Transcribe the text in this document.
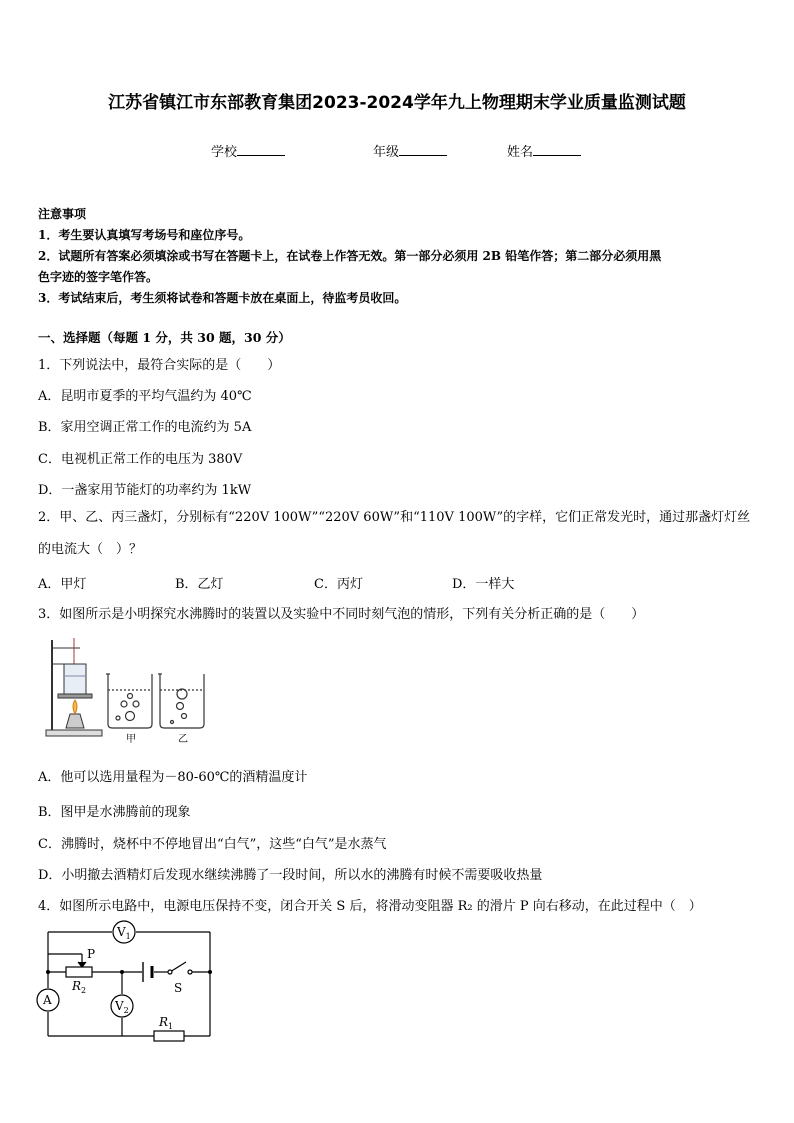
江苏省镇江市东部教育集团2023-2024学年九上物理期末学业质量监测试题
学校	年级	姓名
注意事项
1．考生要认真填写考场号和座位序号。
2．试题所有答案必须填涂或书写在答题卡上，在试卷上作答无效。第一部分必须用 2B 铅笔作答；第二部分必须用黑
色字迹的签字笔作答。
3．考试结束后，考生须将试卷和答题卡放在桌面上，待监考员收回。
一、选择题（每题 1 分，共 30 题，30 分）
1．下列说法中，最符合实际的是（　　）
A．昆明市夏季的平均气温约为 40℃
B．家用空调正常工作的电流约为 5A
C．电视机正常工作的电压为 380V
D．一盏家用节能灯的功率约为 1kW
2．甲、乙、丙三盏灯，分别标有“220V 100W”“220V 60W”和“110V 100W”的字样，它们正常发光时，通过那盏灯灯丝的电流大（　）？
A．甲灯	B．乙灯	C．丙灯	D．一样大
3．如图所示是小明探究水沸腾时的装置以及实验中不同时刻气泡的情形，下列有关分析正确的是（　　）
甲	乙
A．他可以选用量程为－80-60℃的酒精温度计
B．图甲是水沸腾前的现象
C．沸腾时，烧杯中不停地冒出“白气”，这些“白气”是水蒸气
D．小明撤去酒精灯后发现水继续沸腾了一段时间，所以水的沸腾有时候不需要吸收热量
4．如图所示电路中，电源电压保持不变，闭合开关 S 后，将滑动变阻器 R₂ 的滑片 P 向右移动，在此过程中（　）
$V_1$
$V_2$
A
P
$R_2$
$R_1$
S
